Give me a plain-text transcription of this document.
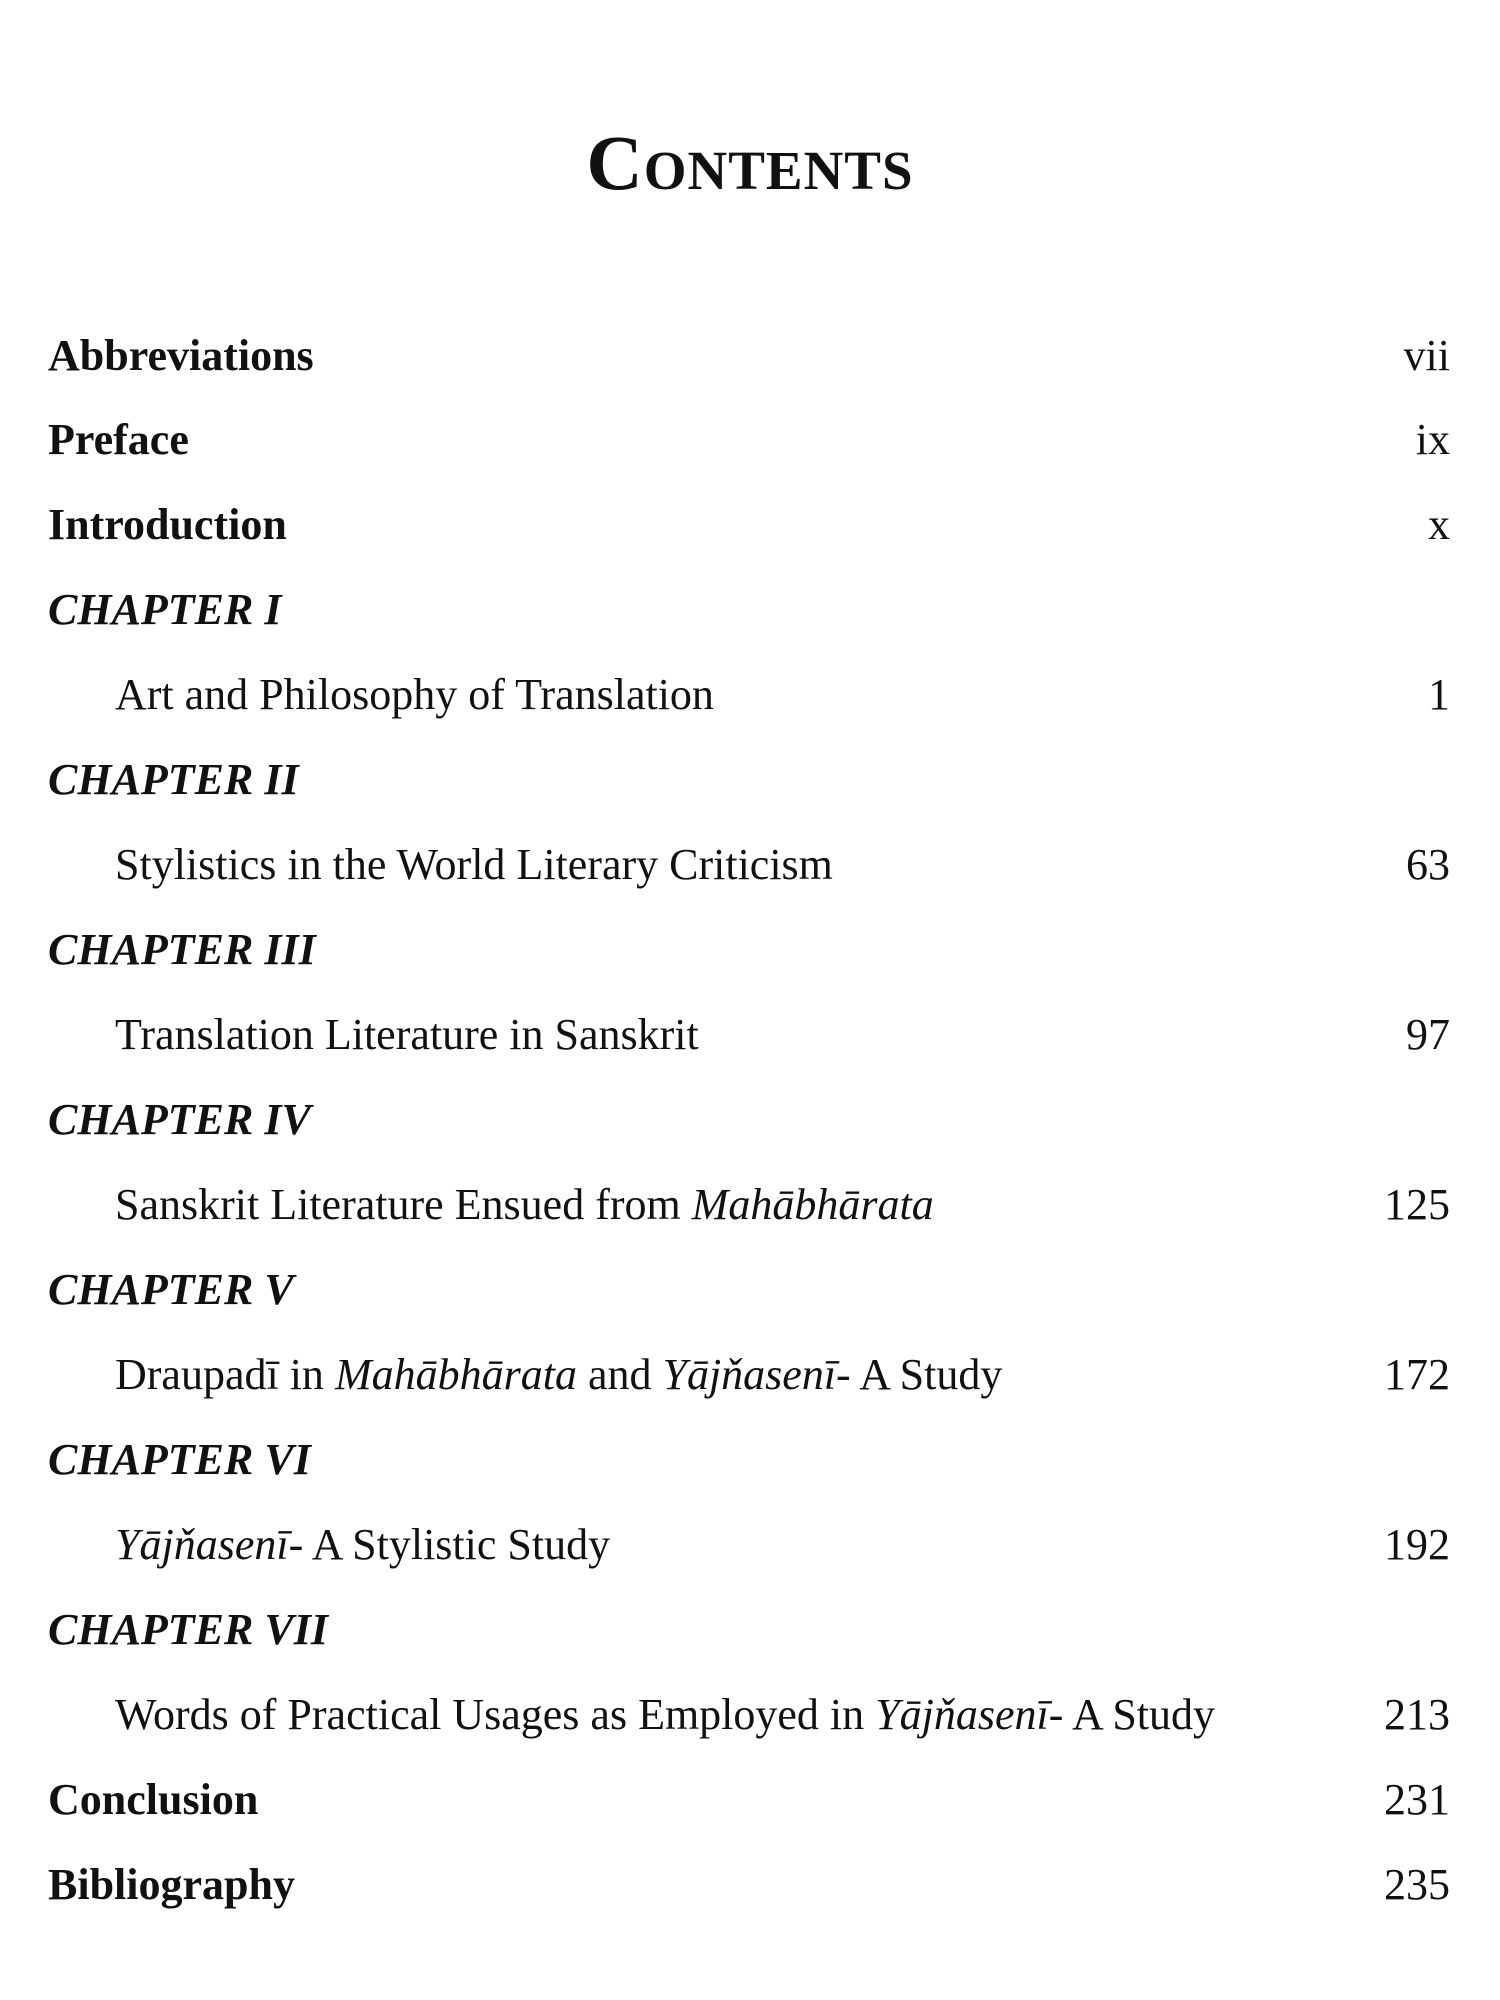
Contents
Abbreviations	vii
Preface	ix
Introduction	x
CHAPTER I
Art and Philosophy of Translation	1
CHAPTER II
Stylistics in the World Literary Criticism	63
CHAPTER III
Translation Literature in Sanskrit	97
CHAPTER IV
Sanskrit Literature Ensued from Mahābhārata	125
CHAPTER V
Draupadī in Mahābhārata and Yājňasenī- A Study	172
CHAPTER VI
Yājňasenī- A Stylistic Study	192
CHAPTER VII
Words of Practical Usages as Employed in Yājňasenī- A Study	213
Conclusion	231
Bibliography	235
